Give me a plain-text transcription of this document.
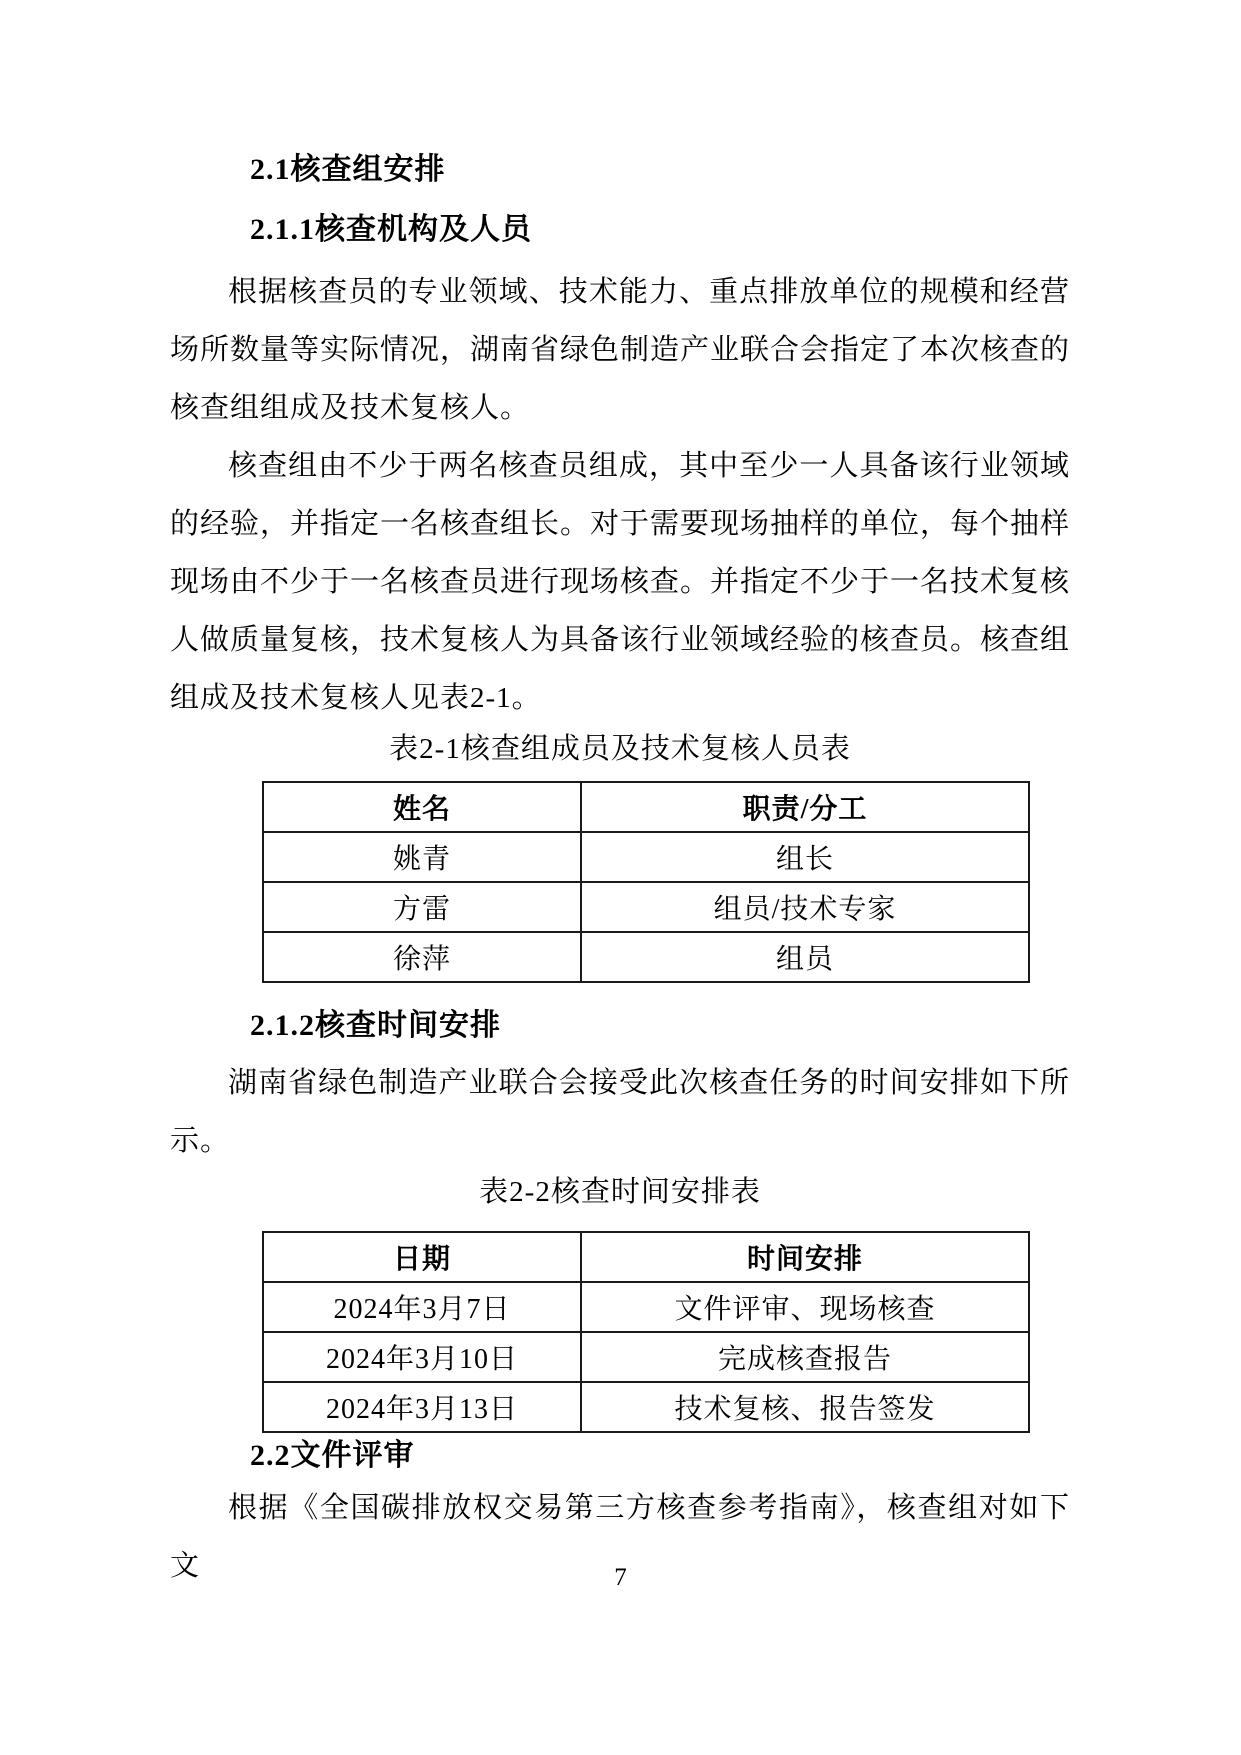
2.1核查组安排
2.1.1核查机构及人员

根据核查员的专业领域、技术能力、重点排放单位的规模和经营场所数量等实际情况，湖南省绿色制造产业联合会指定了本次核查的核查组组成及技术复核人。

核查组由不少于两名核查员组成，其中至少一人具备该行业领域的经验，并指定一名核查组长。对于需要现场抽样的单位，每个抽样现场由不少于一名核查员进行现场核查。并指定不少于一名技术复核人做质量复核，技术复核人为具备该行业领域经验的核查员。核查组组成及技术复核人见表2-1。

表2-1核查组成员及技术复核人员表
姓名	职责/分工
姚青	组长
方雷	组员/技术专家
徐萍	组员
2.1.2核查时间安排

湖南省绿色制造产业联合会接受此次核查任务的时间安排如下所示。

表2-2核查时间安排表
日期	时间安排
2024年3月7日	文件评审、现场核查
2024年3月10日	完成核查报告
2024年3月13日	技术复核、报告签发
2.2文件评审

根据《全国碳排放权交易第三方核查参考指南》，核查组对如下文	7
